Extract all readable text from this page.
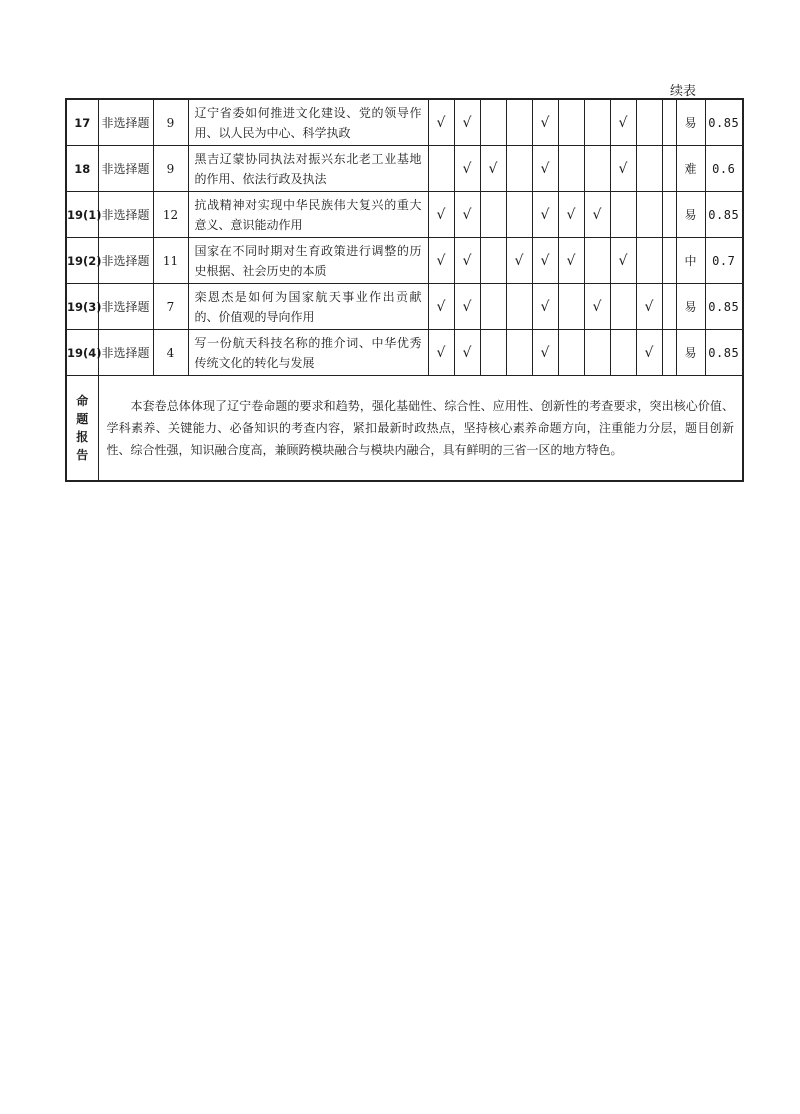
续表
17	非选择题	9	辽宁省委如何推进文化建设、党的领导作用、以人民为中心、科学执政	√	√			√			√			易	0.85
18	非选择题	9	黑吉辽蒙协同执法对振兴东北老工业基地的作用、依法行政及执法		√	√		√			√			难	0.6
19(1)	非选择题	12	抗战精神对实现中华民族伟大复兴的重大意义、意识能动作用	√	√			√	√	√				易	0.85
19(2)	非选择题	11	国家在不同时期对生育政策进行调整的历史根据、社会历史的本质	√	√		√	√	√		√			中	0.7
19(3)	非选择题	7	栾恩杰是如何为国家航天事业作出贡献的、价值观的导向作用	√	√			√		√		√		易	0.85
19(4)	非选择题	4	写一份航天科技名称的推介词、中华优秀传统文化的转化与发展	√	√			√				√		易	0.85

命
题
报
告	本套卷总体体现了辽宁卷命题的要求和趋势，强化基础性、综合性、应用性、创新性的考查要求，突出核心价值、学科素养、关键能力、必备知识的考查内容，紧扣最新时政热点，坚持核心素养命题方向，注重能力分层，题目创新性、综合性强，知识融合度高，兼顾跨模块融合与模块内融合，具有鲜明的三省一区的地方特色。														
